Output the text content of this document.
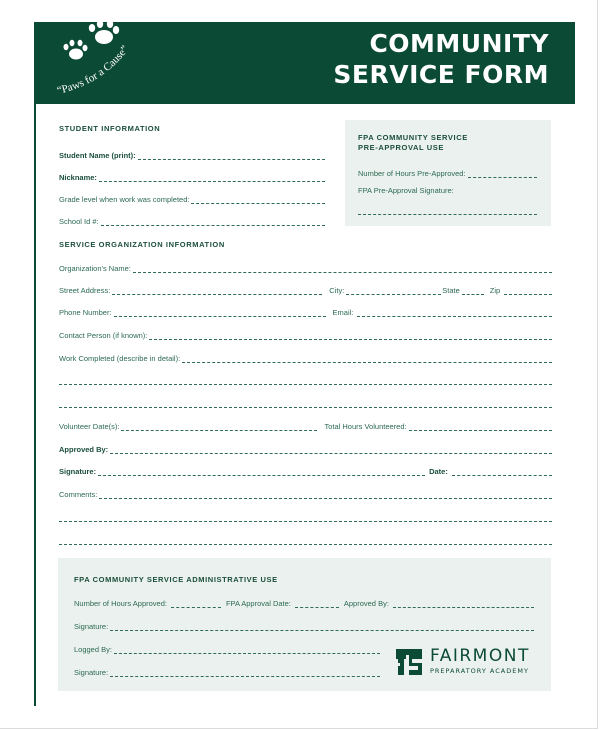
“Paws for a Cause”	COMMUNITY
SERVICE FORM
STUDENT INFORMATION
Student Name (print):
Nickname:
Grade level when work was completed:
School Id #:
FPA COMMUNITY SERVICE
PRE-APPROVAL USE
Number of Hours Pre-Approved:
FPA Pre-Approval Signature:
SERVICE ORGANIZATION INFORMATION
Organization's Name:
Street Address:	City:	State	Zip
Phone Number:	Email:
Contact Person (if known):
Work Completed (describe in detail):
Volunteer Date(s):	Total Hours Volunteered:
Approved By:
Signature:	Date:
Comments:
FPA COMMUNITY SERVICE ADMINISTRATIVE USE
Number of Hours Approved:	FPA Approval Date:	Approved By:
Signature:
Logged By:
Signature:
FAIRMONT
PREPARATORY ACADEMY
